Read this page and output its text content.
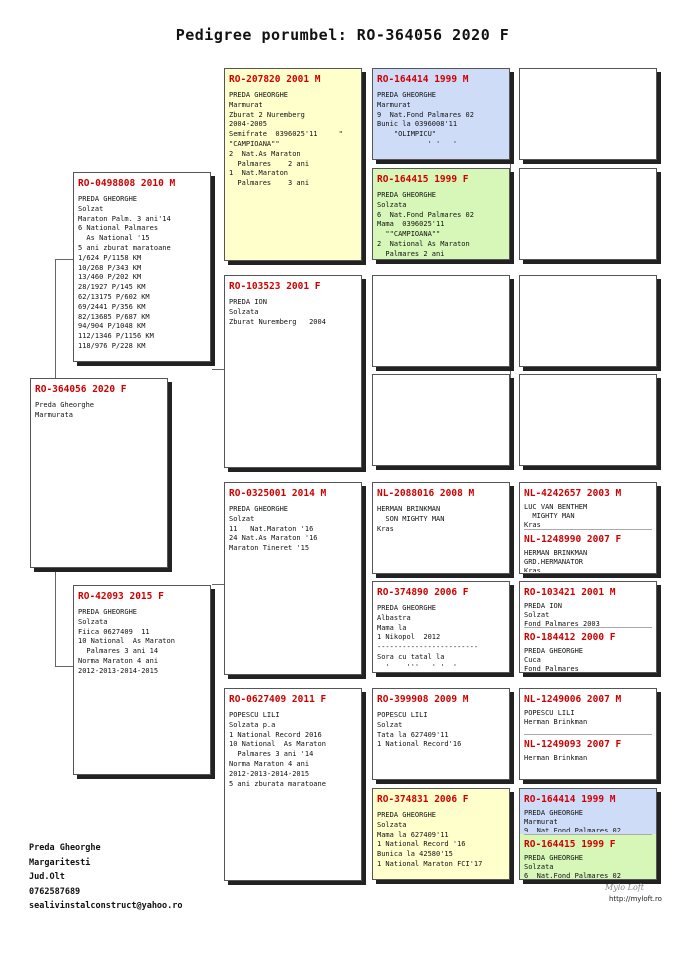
Pedigree porumbel: RO-364056 2020 F
RO-364056 2020 F
Preda Gheorghe
Marmurata
RO-0498808 2010 M
PREDA GHEORGHE
Solzat
Maraton Palm. 3 ani'14
6 National Palmares
As National '15
5 ani zburat maratoane
1/624 P/1158 KM
10/268 P/343 KM
13/460 P/202 KM
28/1927 P/145 KM
62/13175 P/602 KM
69/2441 P/356 KM
82/13685 P/687 KM
94/904 P/1048 KM
112/1346 P/1156 KM
118/976 P/228 KM
RO-42093 2015 F
PREDA GHEORGHE
Solzata
Fiica 0627409  11
10 National  As Maraton
Palmares 3 ani 14
Norma Maraton 4 ani
2012-2013-2014-2015
RO-207820 2001 M
PREDA GHEORGHE
Marmurat
Zburat 2 Nuremberg
2004-2005
Semifrate  0396025'11     "
"CAMPIOANA""
2  Nat.As Maraton
Palmares    2 ani
1  Nat.Maraton
Palmares    3 ani
RO-103523 2001 F
PREDA ION
Solzata
Zburat Nuremberg   2004
RO-0325001 2014 M
PREDA GHEORGHE
Solzat
11   Nat.Maraton '16
24 Nat.As Maraton '16
Maraton Tineret '15
RO-0627409 2011 F
POPESCU LILI
Solzata p.a
1 National Record 2016
10 National  As Maraton
Palmares 3 ani '14
Norma Maraton 4 ani
2012-2013-2014-2015
5 ani zburata maratoane
RO-164414 1999 M
PREDA GHEORGHE
Marmurat
9  Nat.Fond Palmares 02
Bunic la 0396008'11
"OLIMPICU"
' '   '
RO-164415 1999 F
PREDA GHEORGHE
Solzata
6  Nat.Fond Palmares 02
Mama  0396025'11
""CAMPIOANA""
2  National As Maraton
Palmares 2 ani
NL-2088016 2008 M
HERMAN BRINKMAN
SON MIGHTY MAN
Kras
RO-374890 2006 F
PREDA GHEORGHE
Albastra
Mama la
1 Nikopol  2012
------------------------
Sora cu tatal la
'    '''   ' '  '
RO-399908 2009 M
POPESCU LILI
Solzat
Tata la 627409'11
1 National Record'16
RO-374831 2006 F
PREDA GHEORGHE
Solzata
Mama la 627409'11
1 National Record '16
Bunica la 42580'15
1 National Maraton FCI'17
NL-4242657 2003 M
LUC VAN BENTHEM
MIGHTY MAN
Kras
NL-1248990 2007 F
HERMAN BRINKMAN
GRD.HERMANATOR
Kras
RO-103421 2001 M
PREDA ION
Solzat
Fond Palmares 2003
RO-184412 2000 F
PREDA GHEORGHE
Cuca
Fond Palmares
NL-1249006 2007 M
POPESCU LILI
Herman Brinkman
NL-1249093 2007 F
Herman Brinkman
RO-164414 1999 M
PREDA GHEORGHE
Marmurat
9  Nat.Fond Palmares 02
RO-164415 1999 F
PREDA GHEORGHE
Solzata
6  Nat.Fond Palmares 02
Preda Gheorghe
Margaritesti
Jud.Olt
0762587689
sealivinstalconstruct@yahoo.ro
Mylo Loft
http://myloft.ro
